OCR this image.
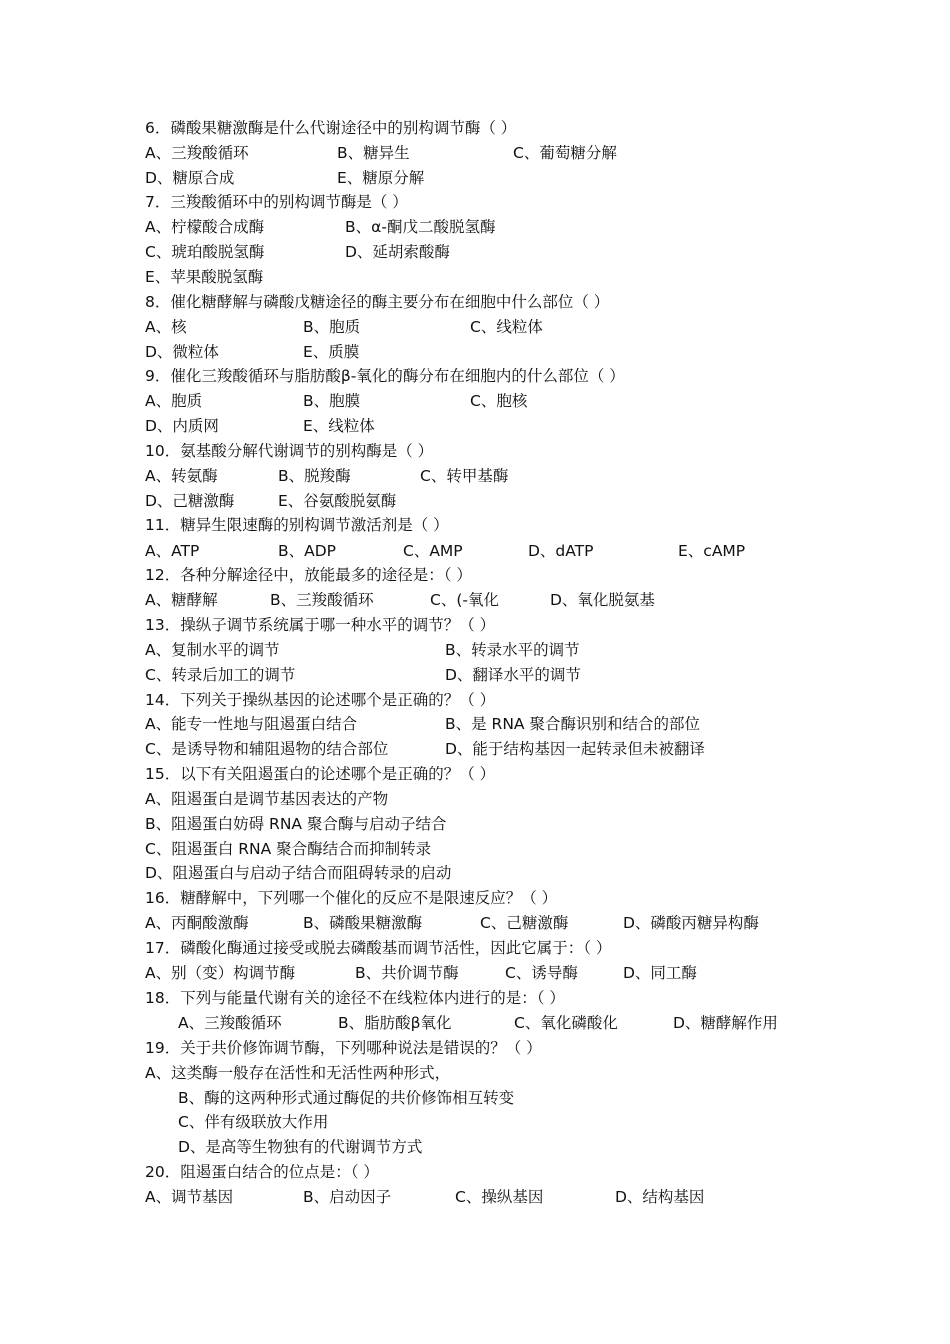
6．磷酸果糖激酶是什么代谢途径中的别构调节酶（ ）
A、三羧酸循环	B、糖异生	C、葡萄糖分解
D、糖原合成	E、糖原分解
7．三羧酸循环中的别构调节酶是（ ）
A、柠檬酸合成酶	B、α-酮戊二酸脱氢酶
C、琥珀酸脱氢酶	D、延胡索酸酶
E、苹果酸脱氢酶
8．催化糖酵解与磷酸戊糖途径的酶主要分布在细胞中什么部位（ ）
A、核	B、胞质	C、线粒体
D、微粒体	E、质膜
9．催化三羧酸循环与脂肪酸β-氧化的酶分布在细胞内的什么部位（ ）
A、胞质	B、胞膜	C、胞核
D、内质网	E、线粒体
10．氨基酸分解代谢调节的别构酶是（ ）
A、转氨酶	B、脱羧酶	C、转甲基酶
D、己糖激酶	E、谷氨酸脱氨酶
11．糖异生限速酶的别构调节激活剂是（ ）
A、ATP	B、ADP	C、AMP	D、dATP	E、cAMP
12．各种分解途径中，放能最多的途径是：（ ）
A、糖酵解	B、三羧酸循环	C、(-氧化	D、氧化脱氨基
13．操纵子调节系统属于哪一种水平的调节？（ ）
A、复制水平的调节	B、转录水平的调节
C、转录后加工的调节	D、翻译水平的调节
14．下列关于操纵基因的论述哪个是正确的？（ ）
A、能专一性地与阻遏蛋白结合	B、是 RNA 聚合酶识别和结合的部位
C、是诱导物和辅阻遏物的结合部位	D、能于结构基因一起转录但未被翻译
15．以下有关阻遏蛋白的论述哪个是正确的？（ ）
A、阻遏蛋白是调节基因表达的产物
B、阻遏蛋白妨碍 RNA 聚合酶与启动子结合
C、阻遏蛋白 RNA 聚合酶结合而抑制转录
D、阻遏蛋白与启动子结合而阻碍转录的启动
16．糖酵解中，下列哪一个催化的反应不是限速反应？（ ）
A、丙酮酸激酶	B、磷酸果糖激酶	C、己糖激酶	D、磷酸丙糖异构酶
17．磷酸化酶通过接受或脱去磷酸基而调节活性，因此它属于：（ ）
A、别（变）构调节酶	B、共价调节酶	C、诱导酶	D、同工酶
18．下列与能量代谢有关的途径不在线粒体内进行的是：（ ）
A、三羧酸循环	B、脂肪酸β氧化	C、氧化磷酸化	D、糖酵解作用
19．关于共价修饰调节酶，下列哪种说法是错误的？（ ）
A、这类酶一般存在活性和无活性两种形式，
B、酶的这两种形式通过酶促的共价修饰相互转变
C、伴有级联放大作用
D、是高等生物独有的代谢调节方式
20．阻遏蛋白结合的位点是：（ ）
A、调节基因	B、启动因子	C、操纵基因	D、结构基因
